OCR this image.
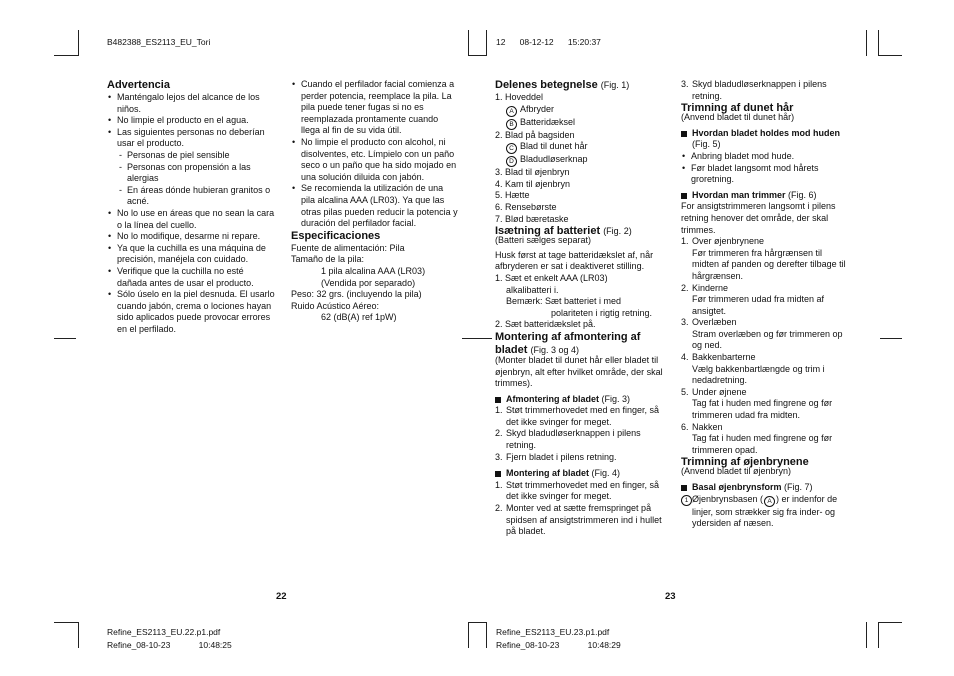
B482388_ES2113_EU_Tori	12      08-12-12      15:20:37

Advertencia

• Manténgalo lejos del alcance de los niños.
• No limpie el producto en el agua.
• Las siguientes personas no deberían usar el producto.
- Personas de piel sensible
- Personas con propensión a las alergias
- En áreas dónde hubieran granitos o acné.
• No lo use en áreas que no sean la cara o la línea del cuello.
• No lo modifique, desarme ni repare.
• Ya que la cuchilla es una máquina de precisión, manéjela con cuidado.
• Verifique que la cuchilla no esté dañada antes de usar el producto.
• Sólo úselo en la piel desnuda. El usarlo cuando jabón, crema o lociones hayan sido aplicados puede provocar errores en el perfilado.
• Cuando el perfilador facial comienza a perder potencia, reemplace la pila. La pila puede tener fugas si no es reemplazada prontamente cuando llega al fin de su vida útil.
• No limpie el producto con alcohol, ni disolventes, etc. Límpielo con un paño seco o un paño que ha sido mojado en una solución diluida con jabón.
• Se recomienda la utilización de una pila alcalina AAA (LR03). Ya que las otras pilas pueden reducir la potencia y duración del perfilador facial.

Especificaciones

Fuente de alimentación: Pila

Tamaño de la pila:

1 pila alcalina AAA (LR03)

(Vendida por separado)

Peso: 32 grs. (incluyendo la pila)

Ruido Acústico Aéreo:

62 (dB(A) ref 1pW)

Delenes betegnelse (Fig. 1)

1. Hoveddel

A Afbryder

B Batteridæksel

2. Blad på bagsiden

C Blad til dunet hår

D Bladudløserknap

3. Blad til øjenbryn

4. Kam til øjenbryn

5. Hætte

6. Rensebørste

7. Blød bæretaske

Isætning af batteriet (Fig. 2)

(Batteri sælges separat)

Husk først at tage batteridækslet af, når afbryderen er sat i deaktiveret stilling.

1. Sæt et enkelt AAA (LR03)

alkalibatteri i.

Bemærk: Sæt batteriet i med

polariteten i rigtig retning.

2. Sæt batteridækslet på.

Montering af afmontering af bladet (Fig. 3 og 4)

(Monter bladet til dunet hår eller bladet til øjenbryn, alt efter hvilket område, der skal trimmes).

Afmontering af bladet (Fig. 3)

1. Støt trimmerhovedet med en finger, så det ikke svinger for meget.
2. Skyd bladudløserknappen i pilens retning.
3. Fjern bladet i pilens retning.

Montering af bladet (Fig. 4)

1. Støt trimmerhovedet med en finger, så det ikke svinger for meget.
2. Monter ved at sætte fremspringet på spidsen af ansigtstrimmeren ind i hullet på bladet.
3. Skyd bladudløserknappen i pilens retning.

Trimning af dunet hår

(Anvend bladet til dunet hår)

Hvordan bladet holdes mod huden (Fig. 5)

• Anbring bladet mod hude.
• Før bladet langsomt mod hårets groretning.

Hvordan man trimmer (Fig. 6)

For ansigtstrimmeren langsomt i pilens retning henover det område, der skal trimmes.

1. Over øjenbrynene
Før trimmeren fra hårgrænsen til midten af panden og derefter tilbage til hårgrænsen.
2. Kinderne
Før trimmeren udad fra midten af ansigtet.
3. Overlæben
Stram overlæben og før trimmeren op og ned.
4. Bakkenbarterne
Vælg bakkenbartlængde og trim i nedadretning.
5. Under øjnene
Tag fat i huden med fingrene og før trimmeren udad fra midten.
6. Nakken
Tag fat i huden med fingrene og før trimmeren opad.

Trimning af øjenbrynene

(Anvend bladet til øjenbryn)

Basal øjenbrynsform (Fig. 7)

1 Øjenbrynsbasen ( A ) er indenfor de linjer, som strækker sig fra inder- og ydersiden af næsen.

22	23
Refine_ES2113_EU.22.p1.pdf
Refine_08-10-23            10:48:25
Refine_ES2113_EU.23.p1.pdf
Refine_08-10-23            10:48:29
